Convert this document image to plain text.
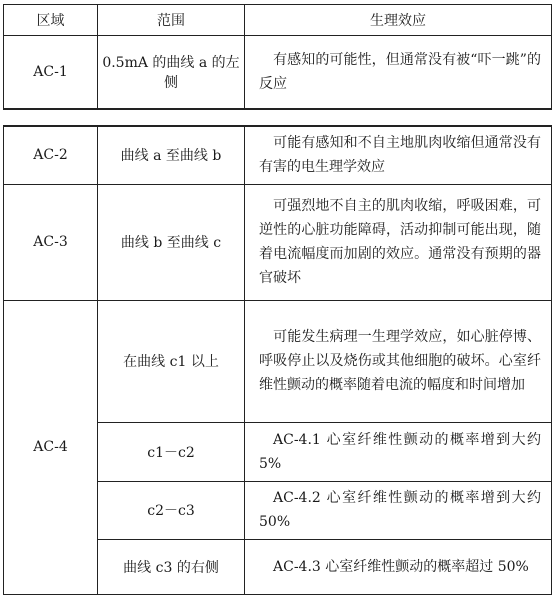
区域	范围	生理效应
AC-1	0.5mA 的曲线 a 的左侧	有感知的可能性，但通常没有被“吓一跳”的反应
AC-2	曲线 a 至曲线 b	可能有感知和不自主地肌肉收缩但通常没有有害的电生理学效应
AC-3	曲线 b 至曲线 c	可强烈地不自主的肌肉收缩，呼吸困难，可逆性的心脏功能障碍，活动抑制可能出现，随着电流幅度而加剧的效应。通常没有预期的器官破坏
AC-4	在曲线 c1 以上	可能发生病理一生理学效应，如心脏停博、呼吸停止以及烧伤或其他细胞的破坏。心室纤维性颤动的概率随着电流的幅度和时间增加
	c1－c2	AC-4.1 心室纤维性颤动的概率增到大约 5%
	c2－c3	AC-4.2 心室纤维性颤动的概率增到大约 50%
	曲线 c3 的右侧	AC-4.3 心室纤维性颤动的概率超过 50%
